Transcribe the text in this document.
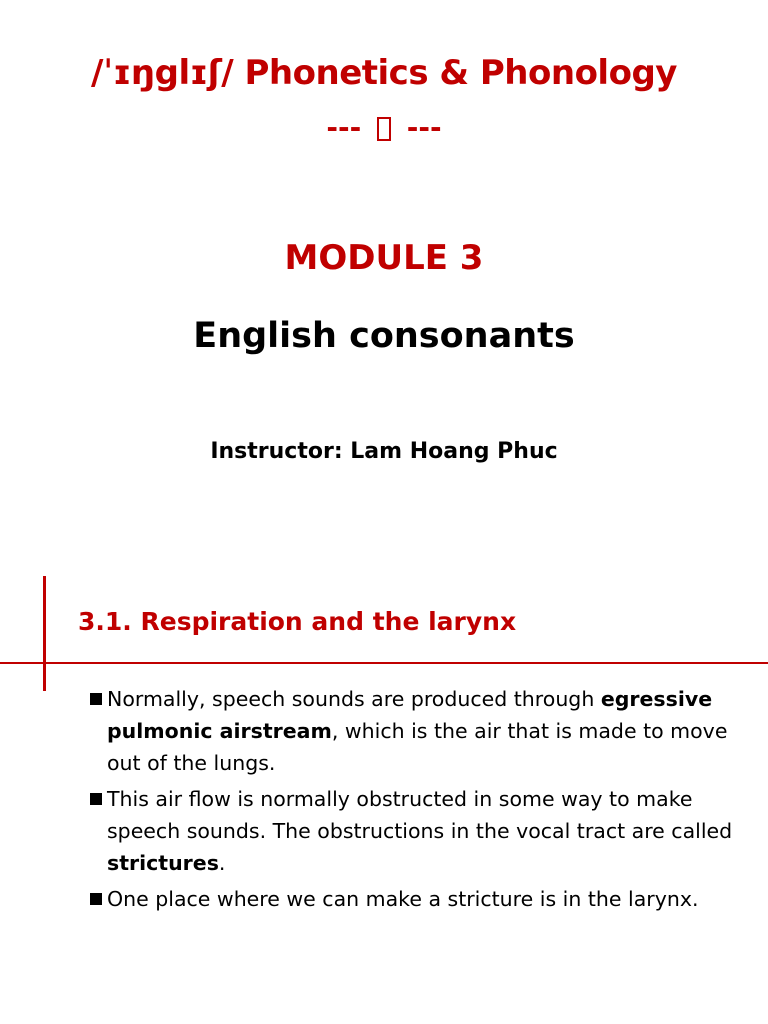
/ˈɪŋglɪʃ/ Phonetics & Phonology
--- ---
MODULE 3
English consonants
Instructor: Lam Hoang Phuc
3.1. Respiration and the larynx
Normally, speech sounds are produced through egressive pulmonic airstream, which is the air that is made to move out of the lungs.
This air flow is normally obstructed in some way to make speech sounds. The obstructions in the vocal tract are called strictures.
One place where we can make a stricture is in the larynx.
